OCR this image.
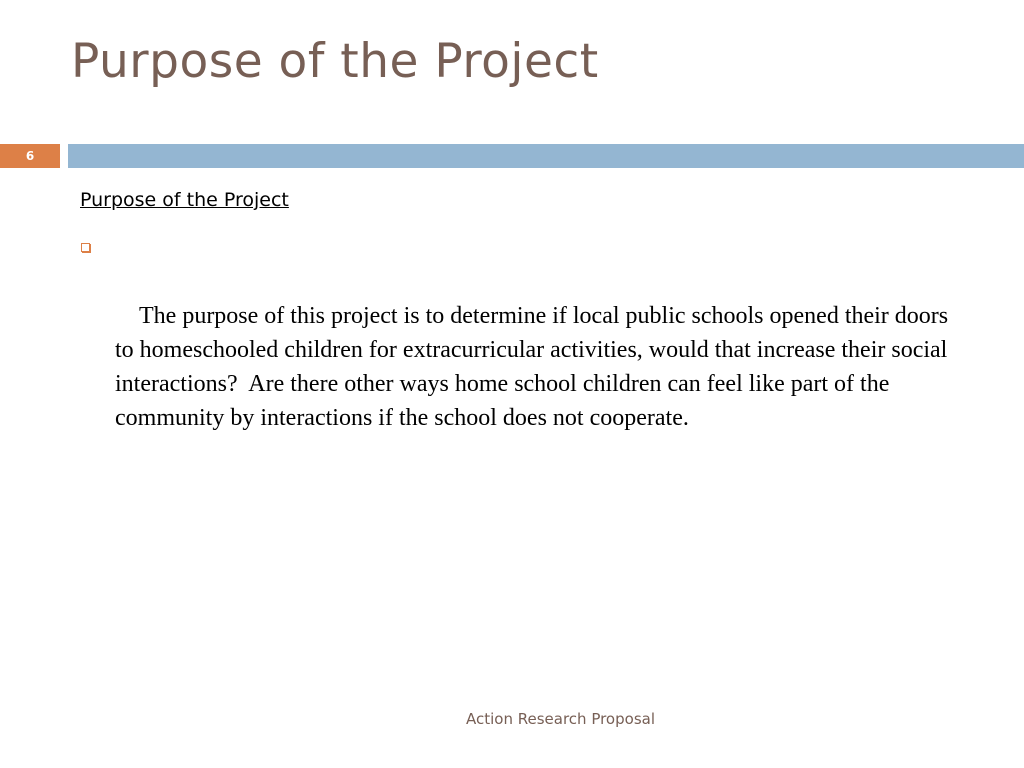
Purpose of the Project
6
Purpose of the Project

The purpose of this project is to determine if local public schools opened their doors to homeschooled children for extracurricular activities, would that increase their social interactions?  Are there other ways home school children can feel like part of the community by interactions if the school does not cooperate.

Action Research Proposal
